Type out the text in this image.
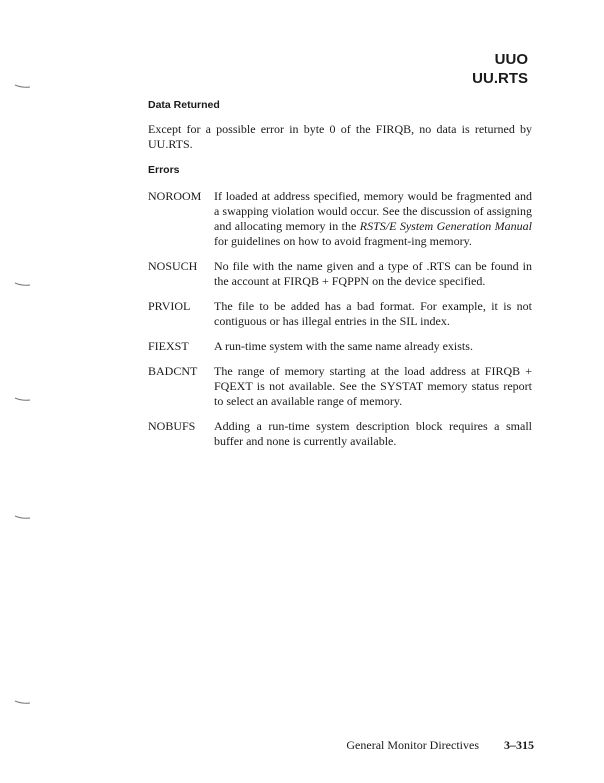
UUO
UU.RTS
Data Returned

Except for a possible error in byte 0 of the FIRQB, no data is returned by UU.RTS.

Errors
NOROOM	If loaded at address specified, memory would be fragmented and a swapping violation would occur. See the discussion of assigning and allocating memory in the RSTS/E System Generation Manual for guidelines on how to avoid fragment-ing memory.
NOSUCH	No file with the name given and a type of .RTS can be found in the account at FIRQB + FQPPN on the device specified.
PRVIOL	The file to be added has a bad format. For example, it is not contiguous or has illegal entries in the SIL index.
FIEXST	A run-time system with the same name already exists.
BADCNT	The range of memory starting at the load address at FIRQB + FQEXT is not available. See the SYSTAT memory status report to select an available range of memory.
NOBUFS	Adding a run-time system description block requires a small buffer and none is currently available.
General Monitor Directives 3–315
